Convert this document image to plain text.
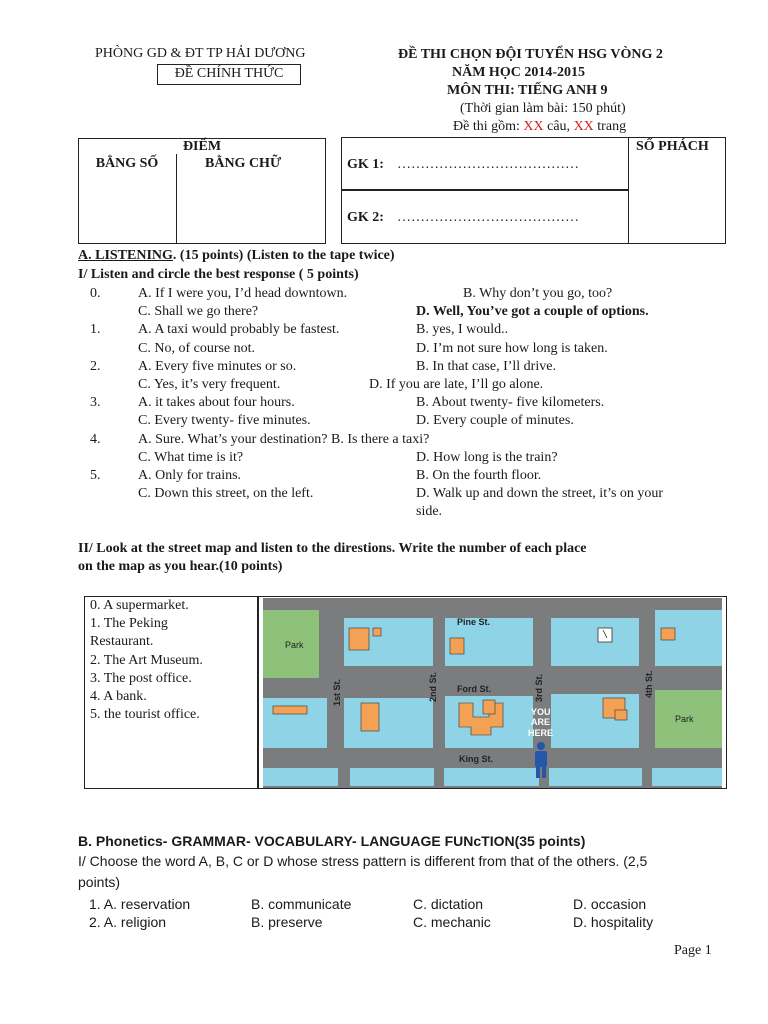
PHÒNG GD & ĐT TP HẢI DƯƠNG
ĐỀ CHÍNH THỨC
ĐỀ THI CHỌN ĐỘI TUYỂN HSG VÒNG 2
NĂM HỌC 2014-2015
MÔN THI: TIẾNG ANH 9
(Thời gian làm bài: 150 phút)
Đề thi gồm: XX câu, XX trang
ĐIỂM
BẰNG SỐ	BẰNG CHỮ	GK 1: …………………………………
GK 2: …………………………………
SỐ PHÁCH
A. LISTENING. (15 points) (Listen to the tape twice)
I/ Listen and circle the best response ( 5 points)
0.	A. If I were you, I’d head downtown.	B. Why don’t you go, too?
C. Shall we go there?	D. Well, You’ve got a couple of options.
1.	A. A taxi would probably be fastest.	B. yes, I would..
C. No, of course not.	D. I’m not sure how long is taken.
2.	A. Every five minutes or so.	B. In that case, I’ll drive.
C. Yes, it’s very frequent.	D. If you are late, I’ll go alone.
3.	A. it takes about four hours.	B. About twenty- five kilometers.
C. Every twenty- five minutes.	D. Every couple of minutes.
4.	A. Sure. What’s your destination? B. Is there a taxi?
C. What time is it?	D. How long is the train?
5.	A. Only for trains.	B. On the fourth floor.
C. Down this street, on the left.	D. Walk up and down the street, it’s on your
side.
II/ Look at the street map and listen to the direstions. Write the number of each place
on the map as you hear.(10 points)
0. A supermarket.
1. The Peking
Restaurant.
2. The Art Museum.
3. The post office.
4. A bank.
5. the tourist office.
Pine St.
Ford St.
King St.
1st St.	2nd St.	3rd St.	4th St.
Park
Park
YOU
ARE
HERE
B. Phonetics- GRAMMAR- VOCABULARY- LANGUAGE FUNcTION(35 points)
I/ Choose the word A, B, C or D whose stress pattern is different from that of the others. (2,5
points)
1. A. reservation	B. communicate	C. dictation	D. occasion
2. A. religion	B. preserve	C. mechanic	D. hospitality
Page 1
